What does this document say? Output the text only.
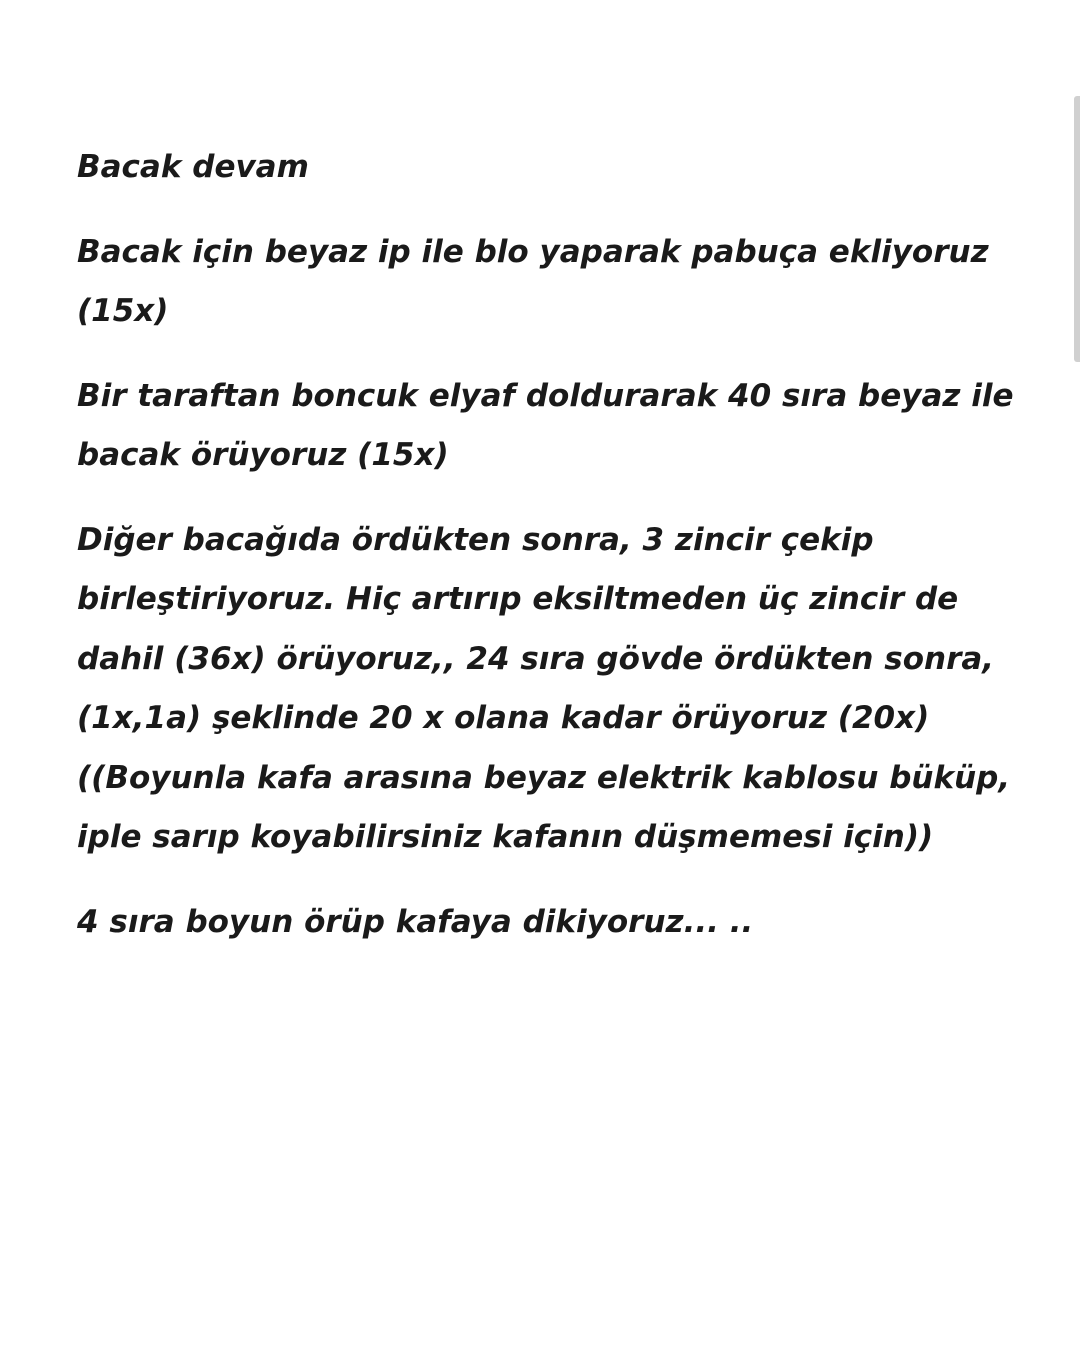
Bacak devam

Bacak için beyaz ip ile blo yaparak pabuça ekliyoruz
(15x)

Bir taraftan boncuk elyaf doldurarak 40 sıra beyaz ile
bacak örüyoruz (15x)

Diğer bacağıda ördükten sonra, 3 zincir çekip
birleştiriyoruz. Hiç artırıp eksiltmeden üç zincir de
dahil (36x) örüyoruz,, 24 sıra gövde ördükten sonra,
(1x,1a) şeklinde 20 x olana kadar örüyoruz (20x)
((Boyunla kafa arasına beyaz elektrik kablosu büküp,
iple sarıp koyabilirsiniz kafanın düşmemesi için))

4 sıra boyun örüp kafaya dikiyoruz... ..
